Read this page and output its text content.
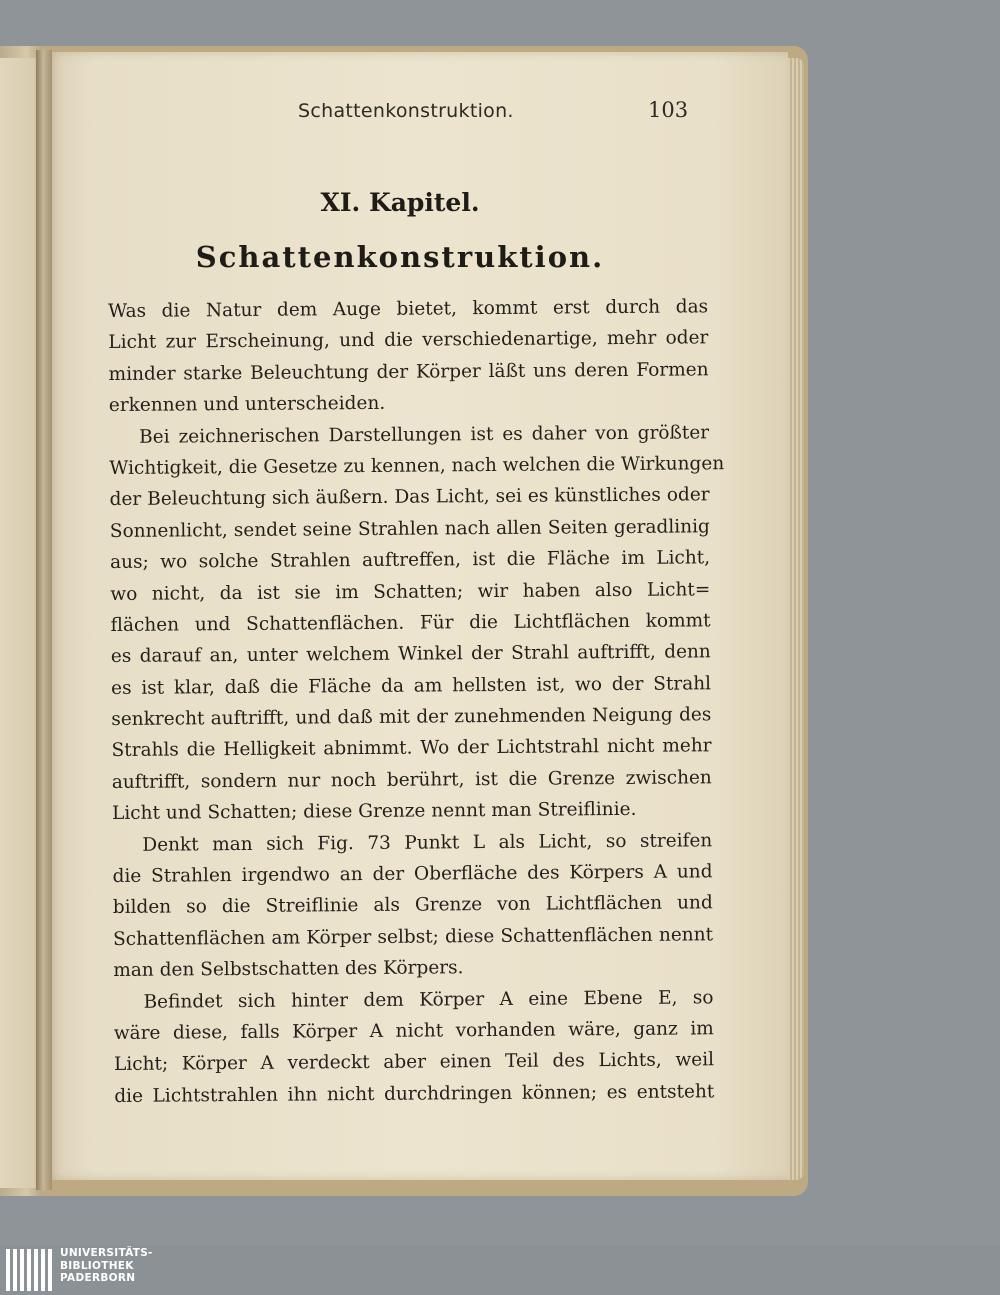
Schattenkonstruktion.	103
XI. Kapitel.
Schattenkonstruktion.
Was die Natur dem Auge bietet, kommt erst durch das
Licht zur Erscheinung, und die verschiedenartige, mehr oder
minder starke Beleuchtung der Körper läßt uns deren Formen
erkennen und unterscheiden.
Bei zeichnerischen Darstellungen ist es daher von größter
Wichtigkeit, die Gesetze zu kennen, nach welchen die Wirkungen
der Beleuchtung sich äußern. Das Licht, sei es künstliches oder
Sonnenlicht, sendet seine Strahlen nach allen Seiten geradlinig
aus; wo solche Strahlen auftreffen, ist die Fläche im Licht,
wo nicht, da ist sie im Schatten; wir haben also Licht=
flächen und Schattenflächen. Für die Lichtflächen kommt
es darauf an, unter welchem Winkel der Strahl auftrifft, denn
es ist klar, daß die Fläche da am hellsten ist, wo der Strahl
senkrecht auftrifft, und daß mit der zunehmenden Neigung des
Strahls die Helligkeit abnimmt. Wo der Lichtstrahl nicht mehr
auftrifft, sondern nur noch berührt, ist die Grenze zwischen
Licht und Schatten; diese Grenze nennt man Streiflinie.
Denkt man sich Fig. 73 Punkt L als Licht, so streifen
die Strahlen irgendwo an der Oberfläche des Körpers A und
bilden so die Streiflinie als Grenze von Lichtflächen und
Schattenflächen am Körper selbst; diese Schattenflächen nennt
man den Selbstschatten des Körpers.
Befindet sich hinter dem Körper A eine Ebene E, so
wäre diese, falls Körper A nicht vorhanden wäre, ganz im
Licht; Körper A verdeckt aber einen Teil des Lichts, weil
die Lichtstrahlen ihn nicht durchdringen können; es entsteht
UNIVERSITÄTS-
BIBLIOTHEK
PADERBORN
